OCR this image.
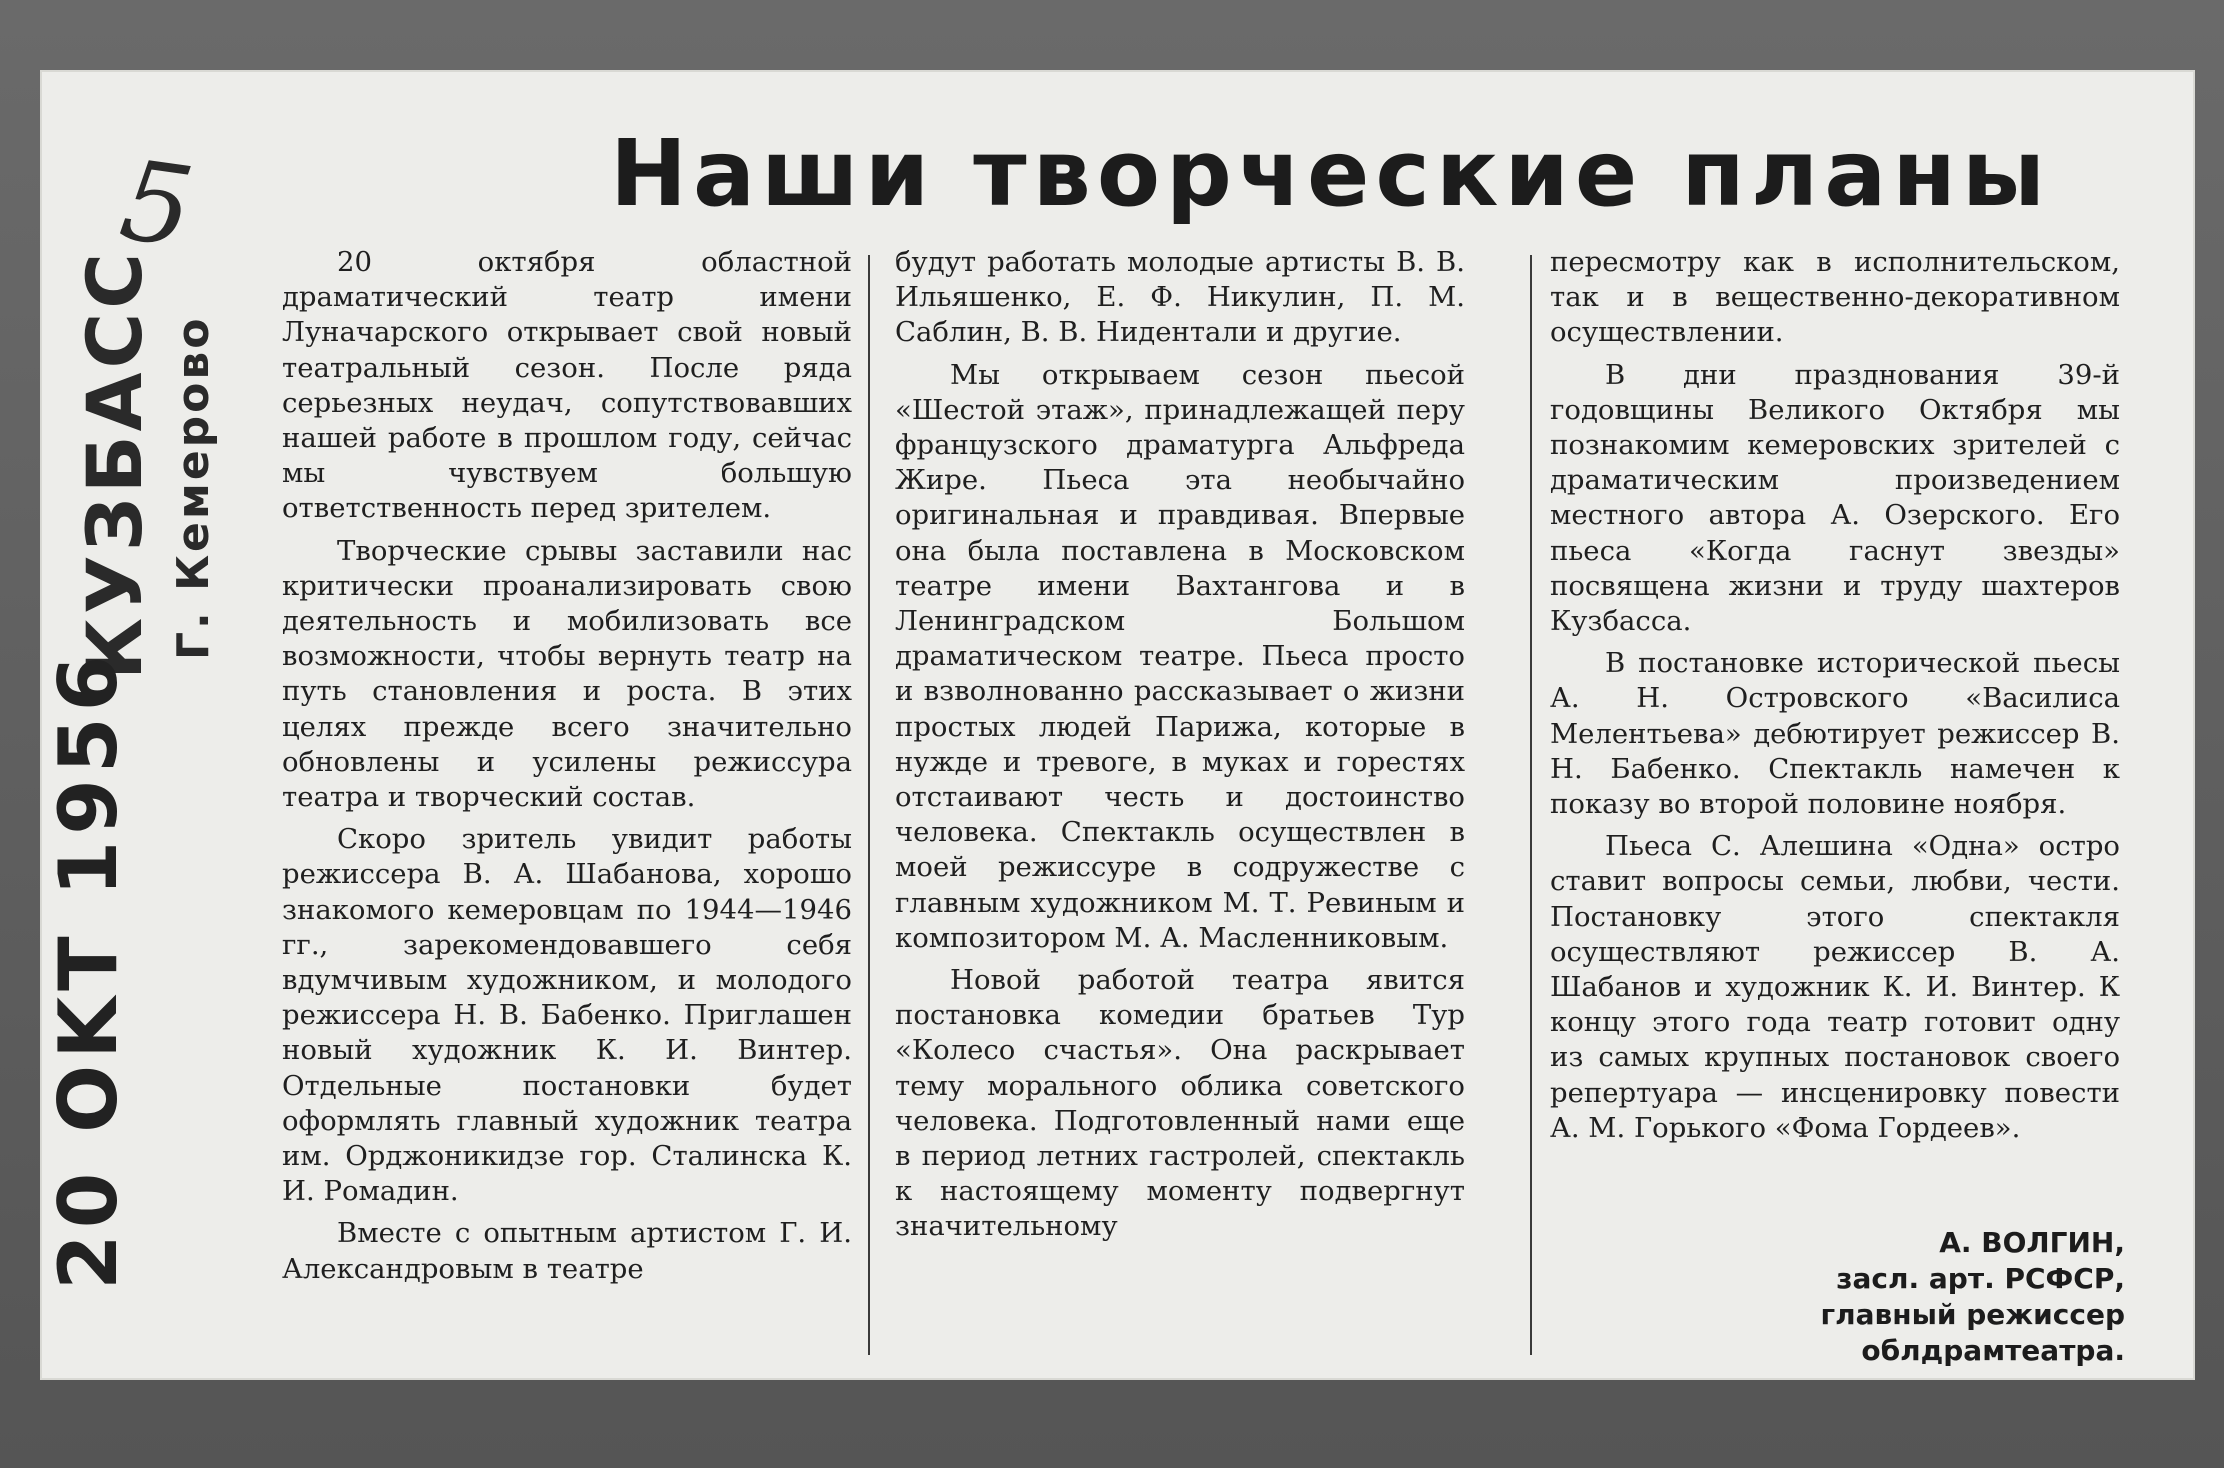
5
КУЗБАСС Г. Кемерово
20 OKT 1956
Наши творческие планы

20 октября областной драматический театр имени Луначарского открывает свой новый театральный сезон. После ряда серьезных неудач, сопутствовавших нашей работе в прошлом году, сейчас мы чувствуем большую ответственность перед зрителем.

Творческие срывы заставили нас критически проанализировать свою деятельность и мобилизовать все возможности, чтобы вернуть театр на путь становления и роста. В этих целях прежде всего значительно обновлены и усилены режиссура театра и творческий состав.

Скоро зритель увидит работы режиссера В. А. Шабанова, хорошо знакомого кемеровцам по 1944—1946 гг., зарекомендовавшего себя вдумчивым художником, и молодого режиссера Н. В. Бабенко. Приглашен новый художник К. И. Винтер. Отдельные постановки будет оформлять главный художник театра им. Орджоникидзе гор. Сталинска К. И. Ромадин.

Вместе с опытным артистом Г. И. Александровым в театре

будут работать молодые артисты В. В. Ильяшенко, Е. Ф. Никулин, П. М. Саблин, В. В. Нидентали и другие.

Мы открываем сезон пьесой «Шестой этаж», принадлежащей перу французского драматурга Альфреда Жире. Пьеса эта необычайно оригинальная и правдивая. Впервые она была поставлена в Московском театре имени Вахтангова и в Ленинградском Большом драматическом театре. Пьеса просто и взволнованно рассказывает о жизни простых людей Парижа, которые в нужде и тревоге, в муках и горестях отстаивают честь и достоинство человека. Спектакль осуществлен в моей режиссуре в содружестве с главным художником М. Т. Ревиным и композитором М. А. Масленниковым.

Новой работой театра явится постановка комедии братьев Тур «Колесо счастья». Она раскрывает тему морального облика советского человека. Подготовленный нами еще в период летних гастролей, спектакль к настоящему моменту подвергнут значительному

пересмотру как в исполнительском, так и в вещественно-декоративном осуществлении.

В дни празднования 39-й годовщины Великого Октября мы познакомим кемеровских зрителей с драматическим произведением местного автора А. Озерского. Его пьеса «Когда гаснут звезды» посвящена жизни и труду шахтеров Кузбасса.

В постановке исторической пьесы А. Н. Островского «Василиса Мелентьева» дебютирует режиссер В. Н. Бабенко. Спектакль намечен к показу во второй половине ноября.

Пьеса С. Алешина «Одна» остро ставит вопросы семьи, любви, чести. Постановку этого спектакля осуществляют режиссер В. А. Шабанов и художник К. И. Винтер. К концу этого года театр готовит одну из самых крупных постановок своего репертуара — инсценировку повести А. М. Горького «Фома Гордеев».

А. ВОЛГИН,
засл. арт. РСФСР,
главный режиссер
облдрамтеатра.
